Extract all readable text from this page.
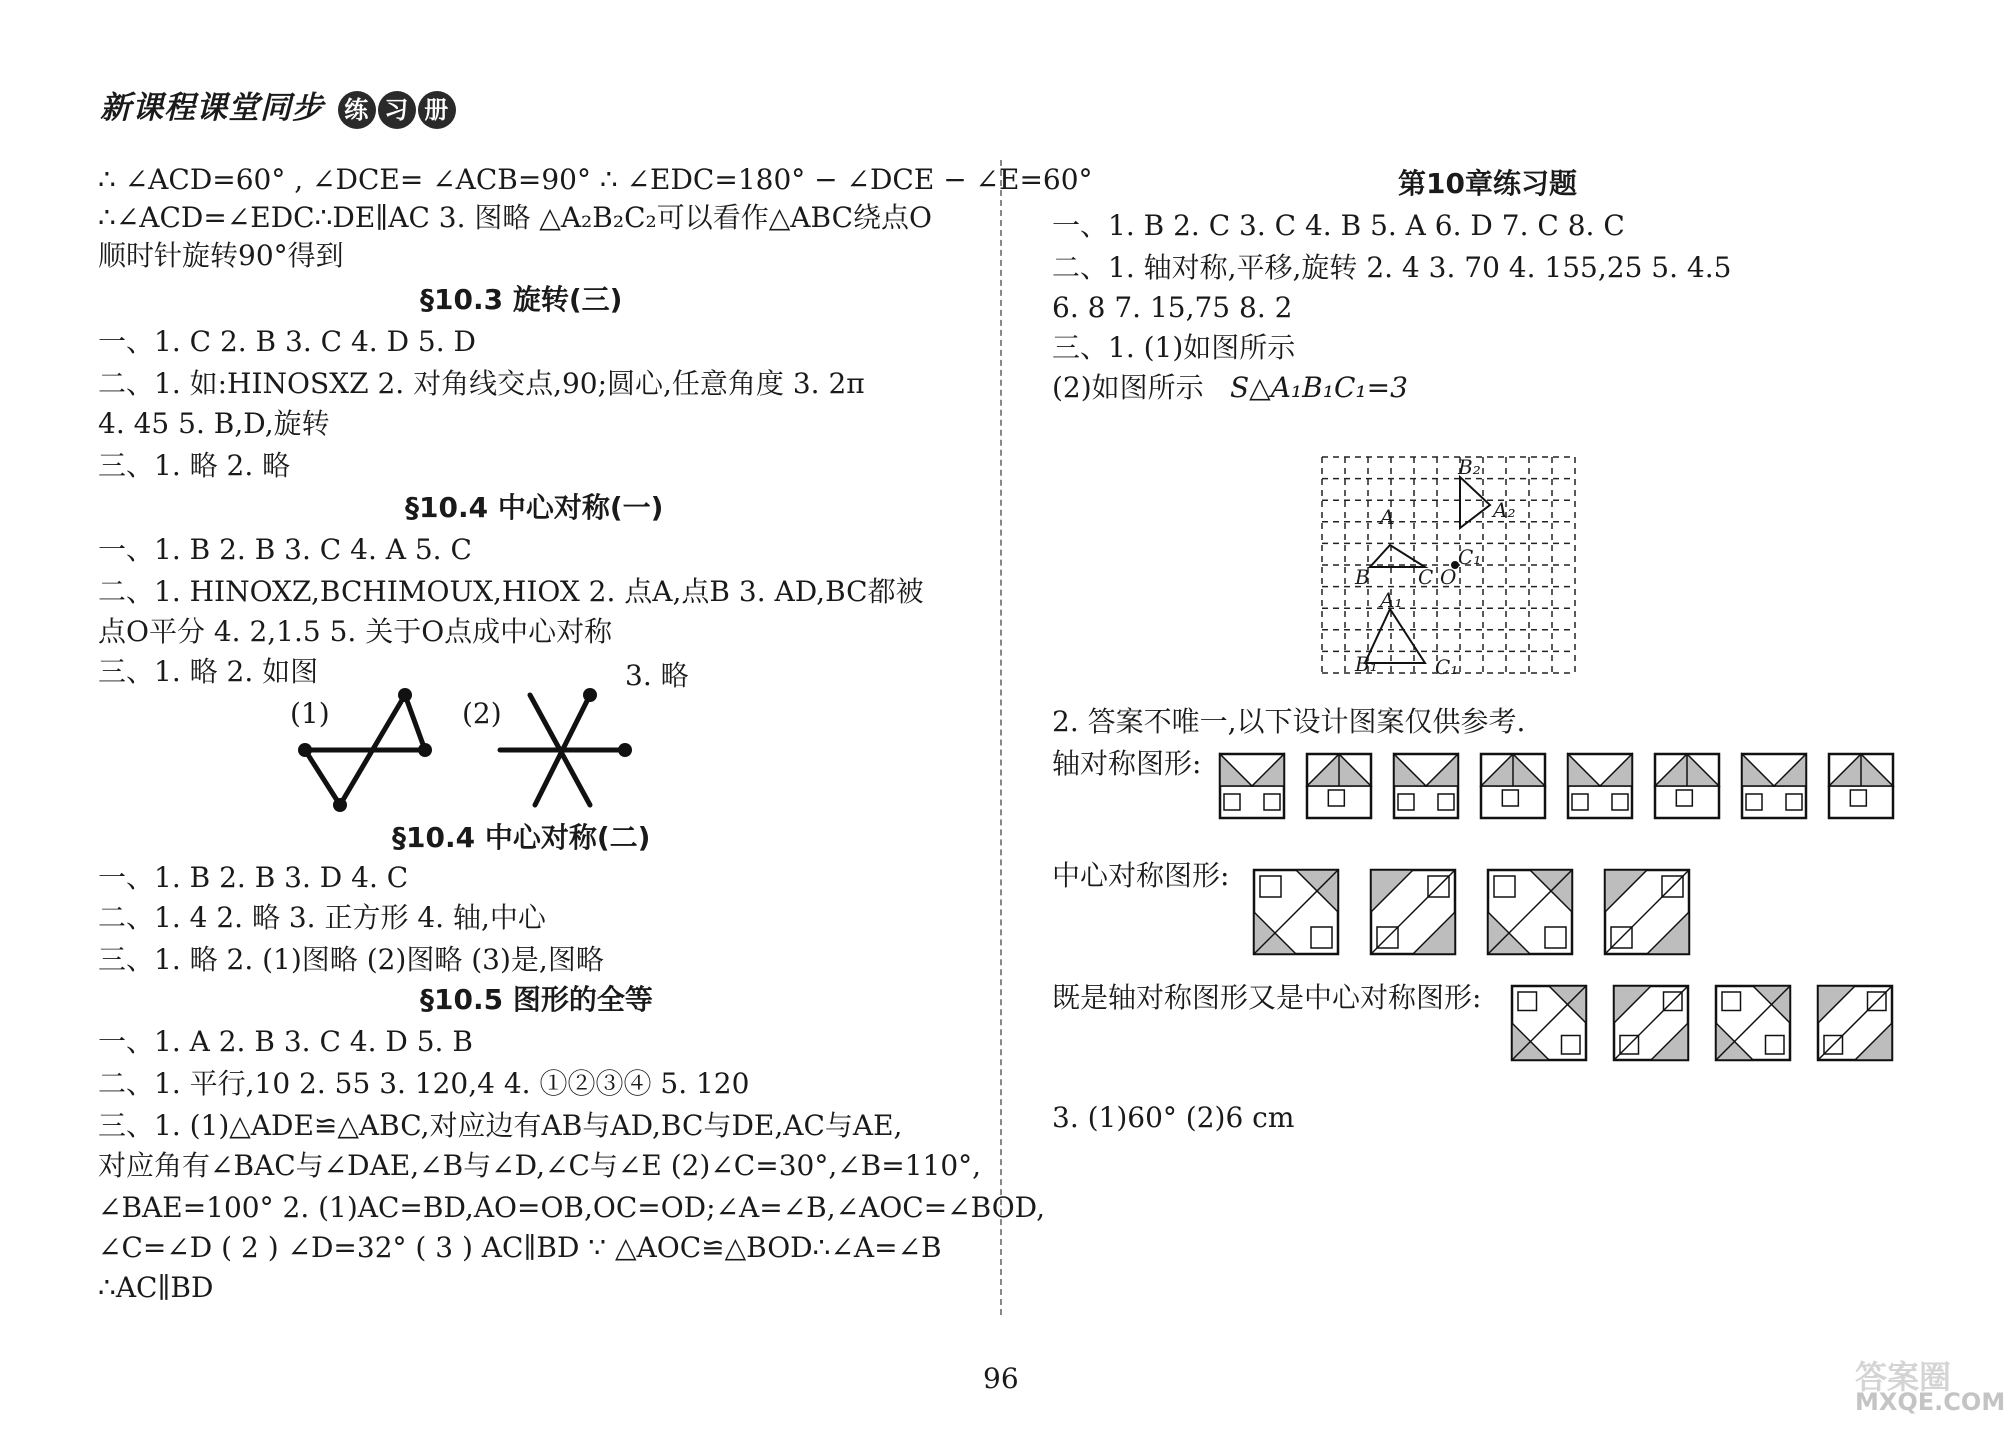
新课程课堂同步 练 习 册
∴ ∠ACD=60° , ∠DCE= ∠ACB=90° ∴ ∠EDC=180° − ∠DCE − ∠E=60°
∴∠ACD=∠EDC∴DE∥AC 3. 图略 △A₂B₂C₂可以看作△ABC绕点O
顺时针旋转90°得到
§10.3 旋转(三)
一、1. C 2. B 3. C 4. D 5. D
二、1. 如:HINOSXZ 2. 对角线交点,90;圆心,任意角度 3. 2π
4. 45 5. B,D,旋转
三、1. 略 2. 略
§10.4 中心对称(一)
一、1. B 2. B 3. C 4. A 5. C
二、1. HINOXZ,BCHIMOUX,HIOX 2. 点A,点B 3. AD,BC都被
点O平分 4. 2,1.5 5. 关于O点成中心对称
三、1. 略 2. 如图	3. 略
(1)	(2)
§10.4 中心对称(二)
一、1. B 2. B 3. D 4. C
二、1. 4 2. 略 3. 正方形 4. 轴,中心
三、1. 略 2. (1)图略 (2)图略 (3)是,图略
§10.5 图形的全等
一、1. A 2. B 3. C 4. D 5. B
二、1. 平行,10 2. 55 3. 120,4 4. ①②③④ 5. 120
三、1. (1)△ADE≌△ABC,对应边有AB与AD,BC与DE,AC与AE,
对应角有∠BAC与∠DAE,∠B与∠D,∠C与∠E (2)∠C=30°,∠B=110°,
∠BAE=100° 2. (1)AC=BD,AO=OB,OC=OD;∠A=∠B,∠AOC=∠BOD,
∠C=∠D ( 2 ) ∠D=32° ( 3 ) AC∥BD ∵ △AOC≌△BOD∴∠A=∠B
∴AC∥BD
第10章练习题
一、1. B 2. C 3. C 4. B 5. A 6. D 7. C 8. C
二、1. 轴对称,平移,旋转 2. 4 3. 70 4. 155,25 5. 4.5
6. 8 7. 15,75 8. 2
三、1. (1)如图所示
(2)如图所示 S△A₁B₁C₁=3
B₂
A₂
A
C₁
B C O
A₁
B₁	C₁
2. 答案不唯一,以下设计图案仅供参考.
轴对称图形:
中心对称图形:
既是轴对称图形又是中心对称图形:
3. (1)60° (2)6 cm
96	答案圈
MXQE.COM
